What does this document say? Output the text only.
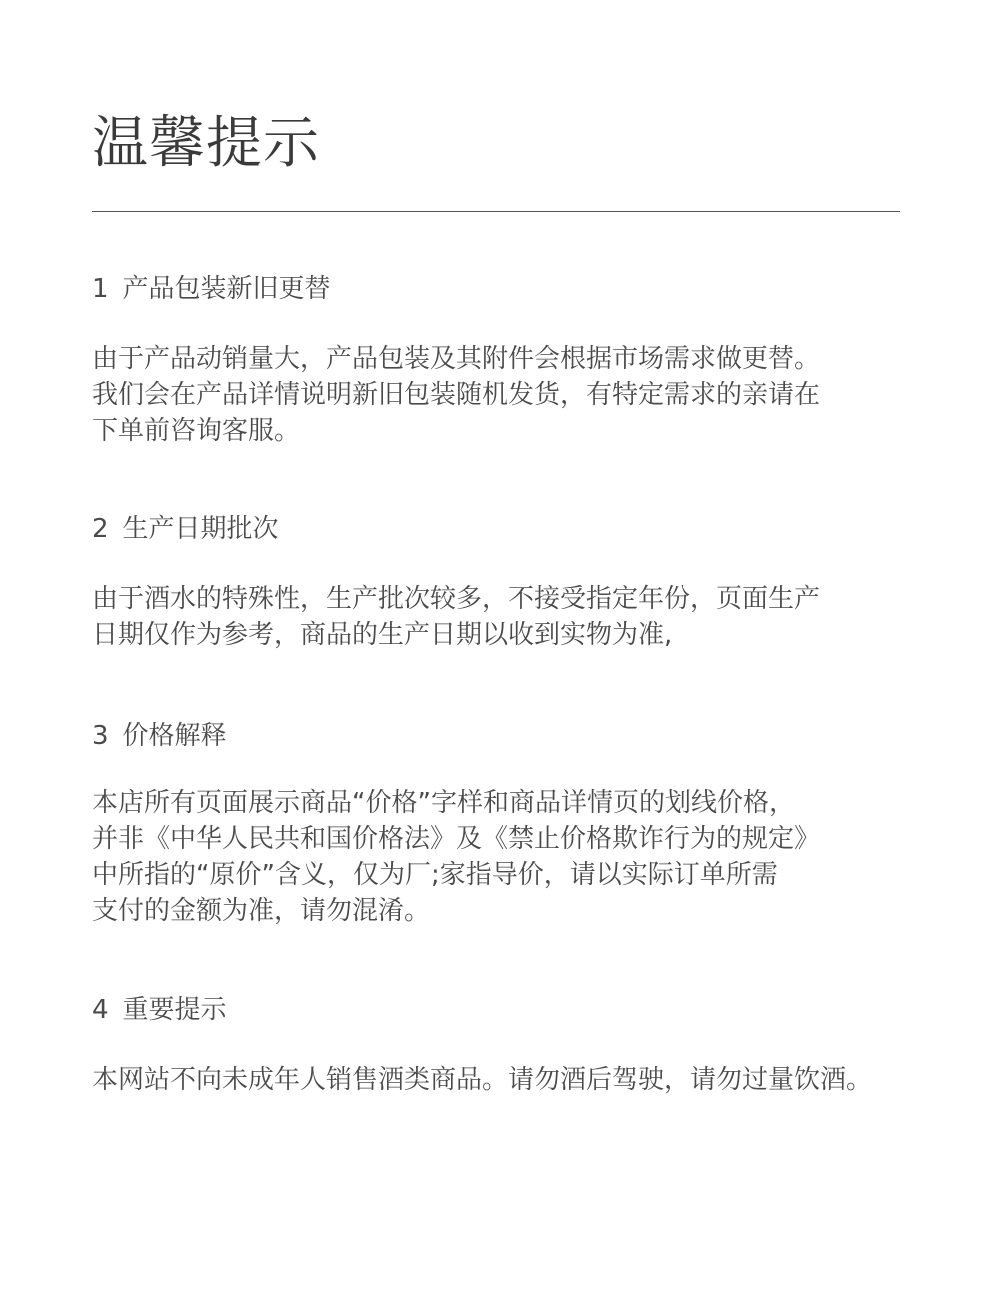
温馨提示
1 产品包装新旧更替
由于产品动销量大，产品包装及其附件会根据市场需求做更替。
我们会在产品详情说明新旧包装随机发货，有特定需求的亲请在
下单前咨询客服。
2 生产日期批次
由于酒水的特殊性，生产批次较多，不接受指定年份，页面生产
日期仅作为参考，商品的生产日期以收到实物为准,
3 价格解释
本店所有页面展示商品“价格”字样和商品详情页的划线价格，
并非《中华人民共和国价格法》及《禁止价格欺诈行为的规定》
中所指的“原价”含义，仅为厂;家指导价，请以实际订单所需
支付的金额为准，请勿混淆。
4 重要提示
本网站不向未成年人销售酒类商品。请勿酒后驾驶，请勿过量饮酒。
